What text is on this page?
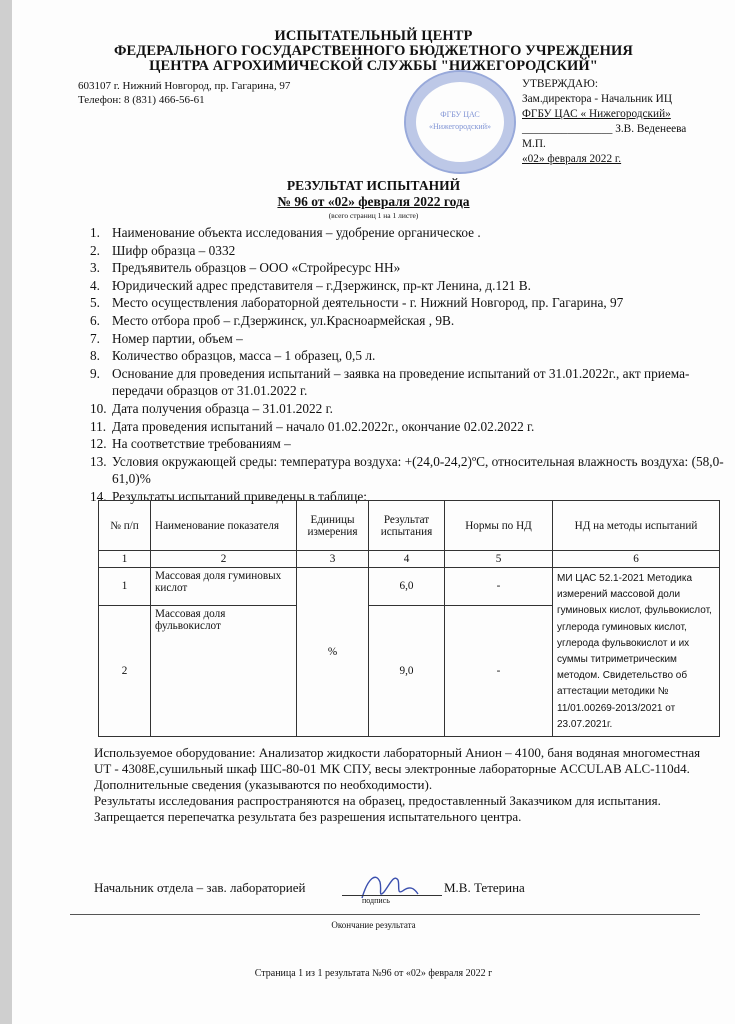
ИСПЫТАТЕЛЬНЫЙ ЦЕНТР
ФЕДЕРАЛЬНОГО ГОСУДАРСТВЕННОГО БЮДЖЕТНОГО УЧРЕЖДЕНИЯ
ЦЕНТРА АГРОХИМИЧЕСКОЙ СЛУЖБЫ "НИЖЕГОРОДСКИЙ"
603107 г. Нижний Новгород, пр. Гагарина, 97
Телефон: 8 (831) 466-56-61
ФГБУ ЦАС
«Нижегородский»
УТВЕРЖДАЮ:
Зам.директора - Начальник ИЦ
ФГБУ ЦАС « Нижегородский»
________________ З.В. Веденеева
М.П.
«02» февраля 2022 г.
РЕЗУЛЬТАТ ИСПЫТАНИЙ
№ 96 от «02» февраля 2022 года
(всего страниц 1 на 1 листе)
1. Наименование объекта исследования – удобрение органическое .
2. Шифр образца – 0332
3. Предъявитель образцов – ООО «Стройресурс НН»
4. Юридический адрес представителя – г.Дзержинск, пр-кт Ленина, д.121 В.
5. Место осуществления лабораторной деятельности - г. Нижний Новгород, пр. Гагарина, 97
6. Место отбора проб – г.Дзержинск, ул.Красноармейская , 9В.
7. Номер партии, объем –
8. Количество образцов, масса – 1 образец, 0,5 л.
9. Основание для проведения испытаний – заявка на проведение испытаний от 31.01.2022г., акт приема-передачи образцов от 31.01.2022 г.
10. Дата получения образца – 31.01.2022 г.
11. Дата проведения испытаний – начало 01.02.2022г., окончание 02.02.2022 г.
12. На соответствие требованиям –
13. Условия окружающей среды: температура воздуха: +(24,0-24,2)ºС, относительная влажность воздуха: (58,0-61,0)%
14. Результаты испытаний приведены в таблице:
№ п/п	Наименование показателя	Единицы измерения	Результат испытания	Нормы по НД	НД на методы испытаний
1	2	3	4	5	6
1	Массовая доля гуминовых кислот	%	6,0	-	МИ ЦАС 52.1-2021 Методика измерений массовой доли гуминовых кислот, фульвокислот, углерода гуминовых кислот, углерода фульвокислот и их суммы титриметрическим методом. Свидетельство об аттестации методики № 11/01.00269-2013/2021 от 23.07.2021г.
2	Массовая доля фульвокислот		9,0	-	

Используемое оборудование: Анализатор жидкости лабораторный Анион – 4100, баня водяная многоместная UT - 4308E,сушильный шкаф ШС-80-01 МК СПУ, весы электронные лабораторные ACCULAB ALC-110d4.

Дополнительные сведения (указываются по необходимости).

Результаты исследования распространяются на образец, предоставленный Заказчиком для испытания.

Запрещается перепечатка результата без разрешения испытательного центра.

Начальник отдела – зав. лабораторией
подпись
М.В. Тетерина
Окончание результата
Страница 1 из 1 результата №96 от «02» февраля 2022 г
